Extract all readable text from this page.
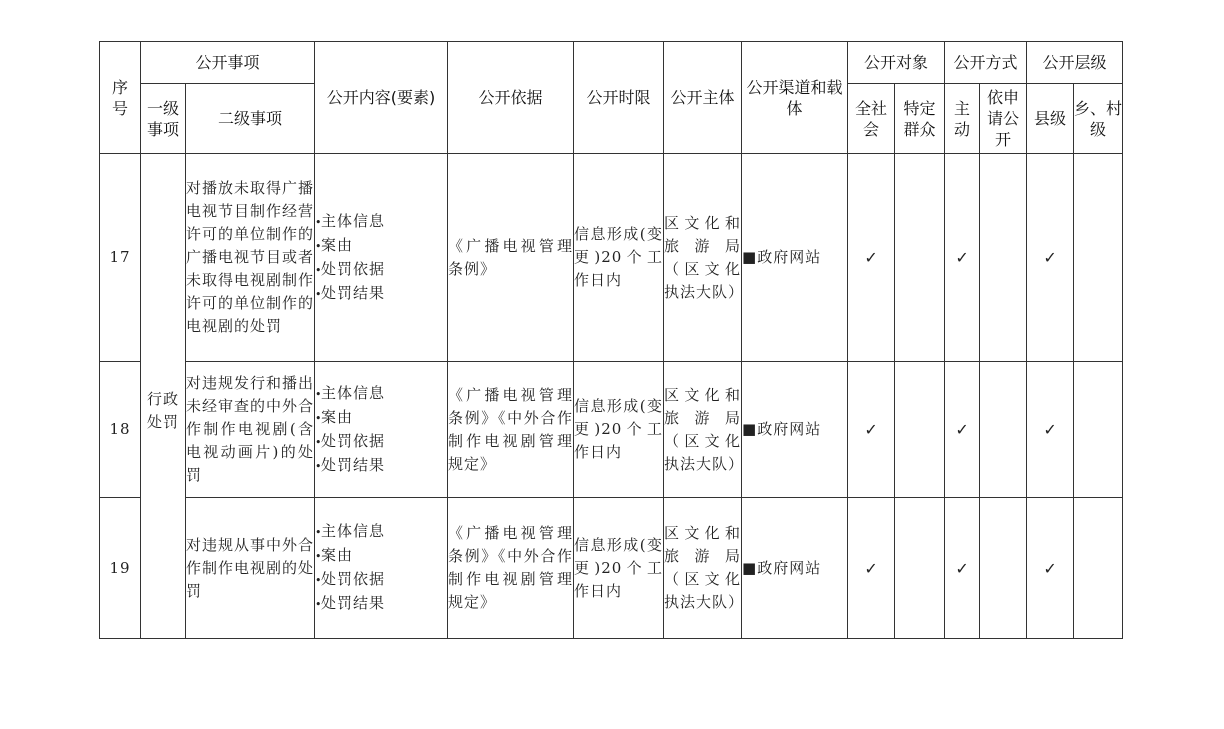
序号	公开事项		公开内容(要素)	公开依据	公开时限	公开主体	公开渠道和载体	公开对象		公开方式		公开层级	

	一级事项	二级事项						全社会	特定群众	主动	依申请公开	县级	乡、村级

17	行政处罚	对播放未取得广播电视节目制作经营许可的单位制作的广播电视节目或者未取得电视剧制作许可的单位制作的电视剧的处罚	•主体信息
•案由
•处罚依据
•处罚结果	《广播电视管理条例》	信息形成(变更)20个工作日内	区文化和旅游局（区文化执法大队）	■政府网站	✓		✓		✓	
18		对违规发行和播出未经审查的中外合作制作电视剧(含电视动画片)的处罚	•主体信息
•案由
•处罚依据
•处罚结果	《广播电视管理条例》《中外合作制作电视剧管理规定》	信息形成(变更)20个工作日内	区文化和旅游局（区文化执法大队）	■政府网站	✓		✓		✓	
19		对违规从事中外合作制作电视剧的处罚	•主体信息
•案由
•处罚依据
•处罚结果	《广播电视管理条例》《中外合作制作电视剧管理规定》	信息形成(变更)20个工作日内	区文化和旅游局（区文化执法大队）	■政府网站	✓		✓		✓	
